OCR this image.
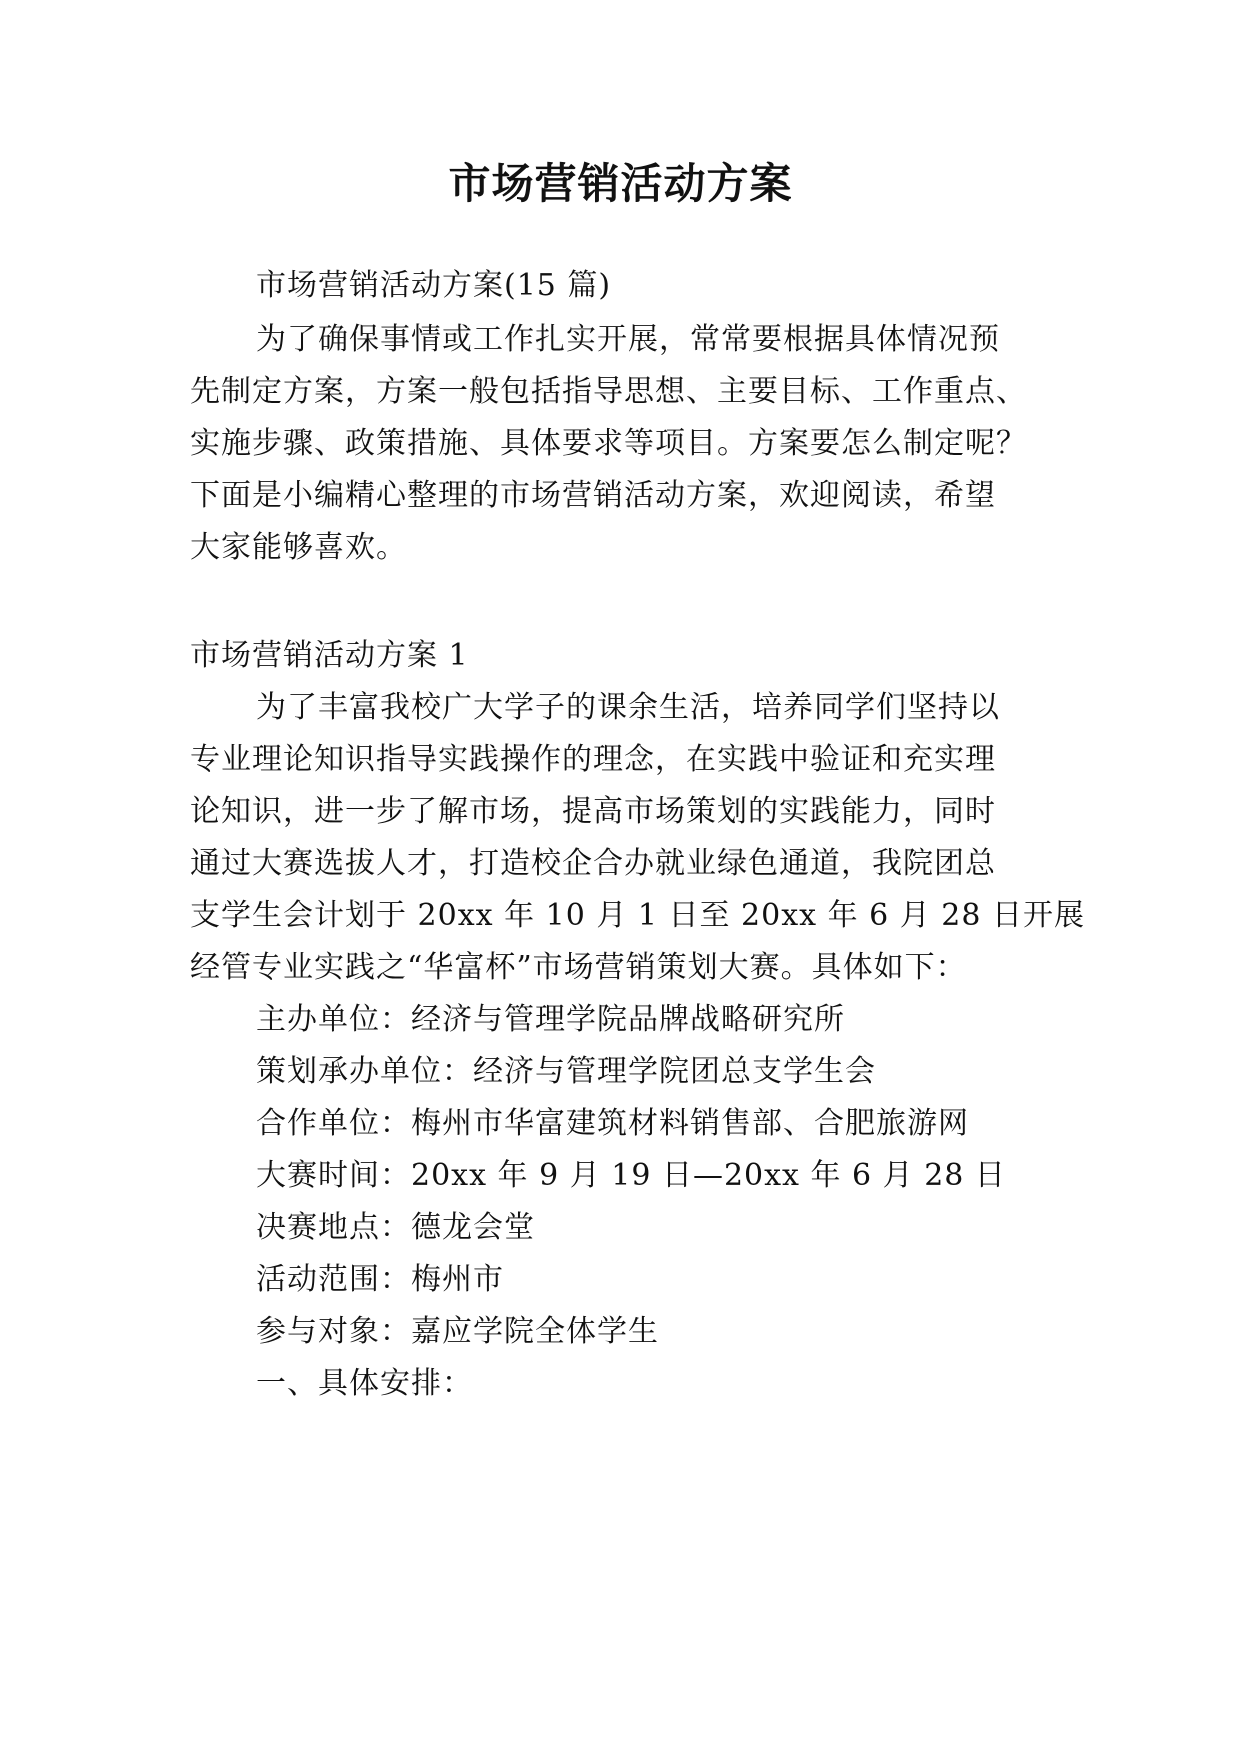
市场营销活动方案
市场营销活动方案(15 篇)
为了确保事情或工作扎实开展，常常要根据具体情况预
先制定方案，方案一般包括指导思想、主要目标、工作重点、
实施步骤、政策措施、具体要求等项目。方案要怎么制定呢？
下面是小编精心整理的市场营销活动方案，欢迎阅读，希望
大家能够喜欢。
市场营销活动方案 1
为了丰富我校广大学子的课余生活，培养同学们坚持以
专业理论知识指导实践操作的理念，在实践中验证和充实理
论知识，进一步了解市场，提高市场策划的实践能力，同时
通过大赛选拔人才，打造校企合办就业绿色通道，我院团总
支学生会计划于 20xx 年 10 月 1 日至 20xx 年 6 月 28 日开展
经管专业实践之“华富杯”市场营销策划大赛。具体如下：
主办单位：经济与管理学院品牌战略研究所
策划承办单位：经济与管理学院团总支学生会
合作单位：梅州市华富建筑材料销售部、合肥旅游网
大赛时间：20xx 年 9 月 19 日—20xx 年 6 月 28 日
决赛地点：德龙会堂
活动范围：梅州市
参与对象：嘉应学院全体学生
一、具体安排：
